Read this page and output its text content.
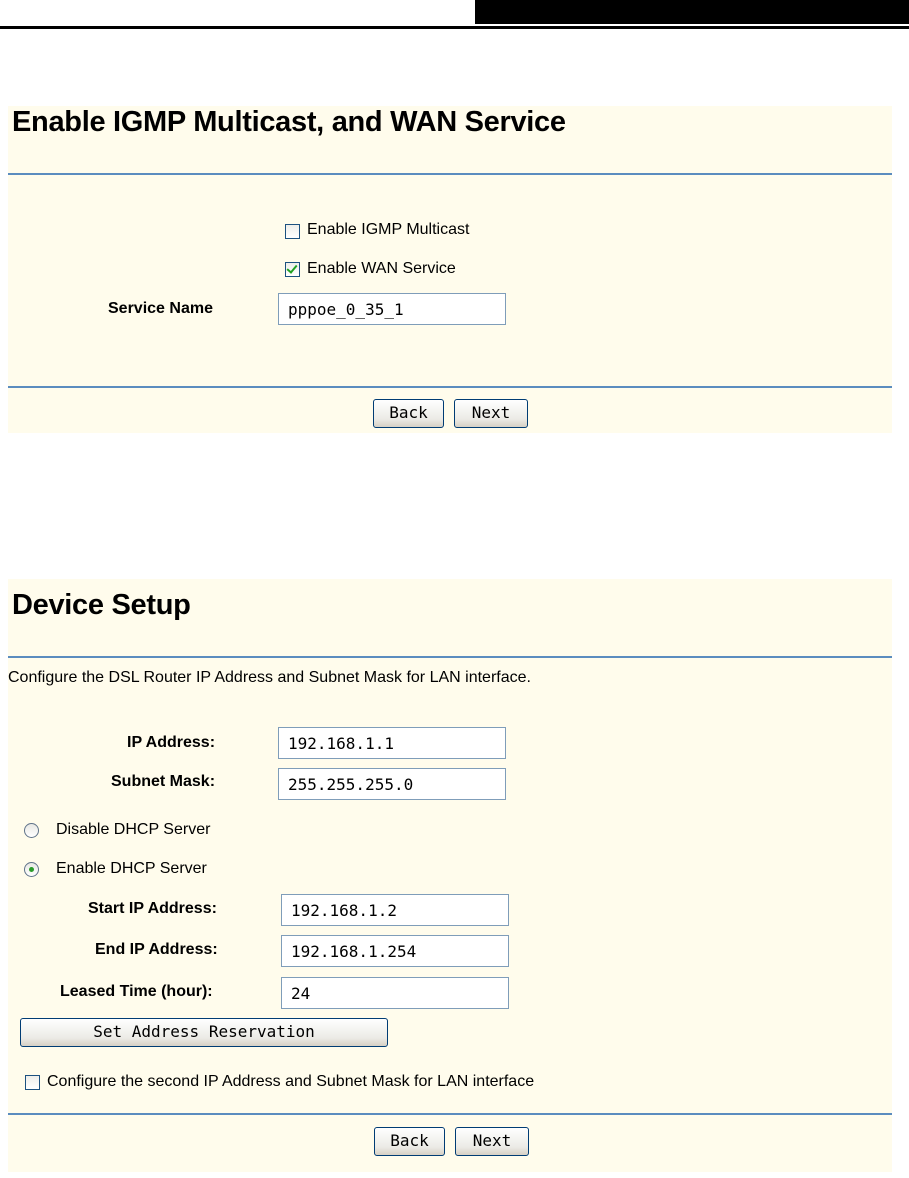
Enable IGMP Multicast, and WAN Service
Enable IGMP Multicast
Enable WAN Service
Service Name
pppoe_0_35_1
Back	Next
Device Setup
Configure the DSL Router IP Address and Subnet Mask for LAN interface.
IP Address:
192.168.1.1
Subnet Mask:
255.255.255.0
Disable DHCP Server
Enable DHCP Server
Start IP Address:
192.168.1.2
End IP Address:
192.168.1.254
Leased Time (hour):
24
Set Address Reservation
Configure the second IP Address and Subnet Mask for LAN interface
Back	Next
